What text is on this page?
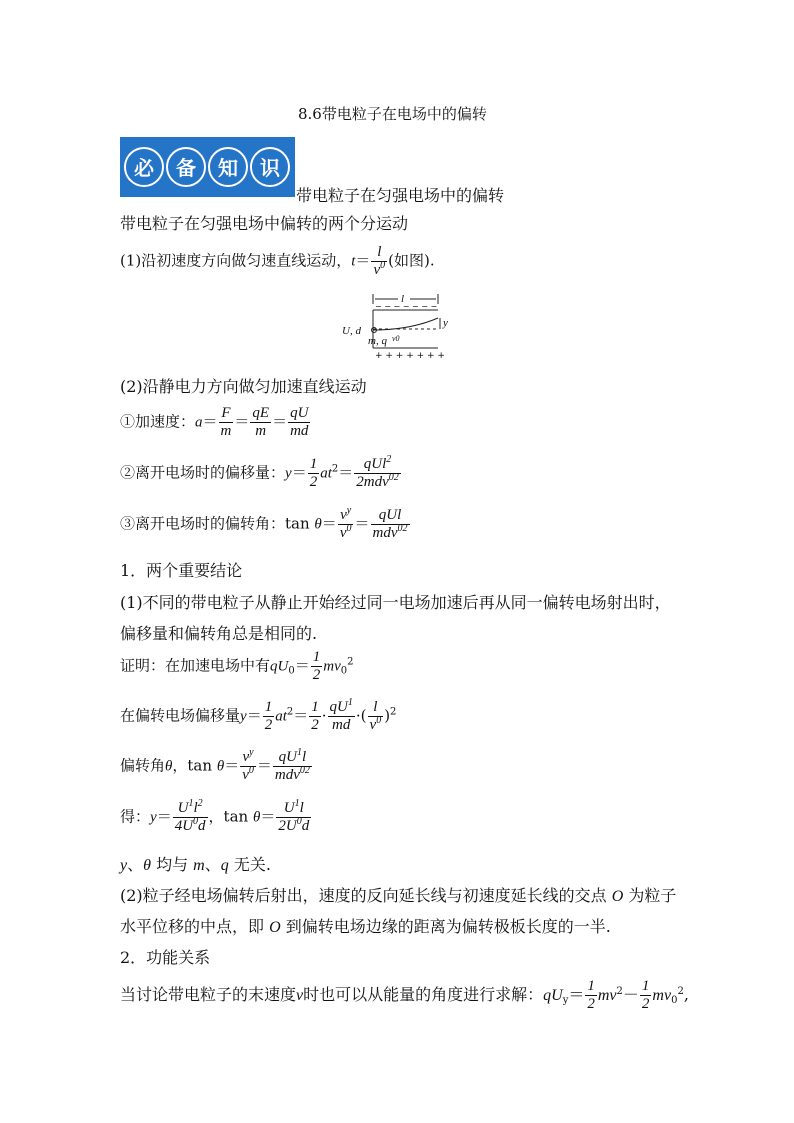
8.6带电粒子在电场中的偏转
必 备 知 识
带电粒子在匀强电场中的偏转
带电粒子在匀强电场中偏转的两个分运动
(1)沿初速度方向做匀速直线运动，$t= \frac{l}{v^0}$ (如图).
l
U, d
m, q v0
y
− − − − − − −
+ + + + + + +
(2)沿静电力方向做匀加速直线运动
①加速度：$a= \frac{F}{m} = \frac{qE}{m} = \frac{qU}{md}$
②离开电场时的偏移量：$y= \frac{1}{2} at^2= \frac{qUl^2}{2mdv^{02}}$
③离开电场时的偏转角：$\tan \theta= \frac{v^y}{v^0} = \frac{\text{qUl}}{mdv^{02}}$
1．两个重要结论
(1)不同的带电粒子从静止开始经过同一电场加速后再从同一偏转电场射出时，
偏移量和偏转角总是相同的.
证明：在加速电场中有$qU_0= \frac{1}{2} mv_0^2$
在偏转电场偏移量$y= \frac{1}{2} at^2= \frac{1}{2} \cdot \frac{qU^1}{md}$ ·( $\frac{l}{v^0} )^2$
偏转角θ，$\tan \theta= \frac{v^y}{v^0} = \frac{qU^1l}{mdv^{02}}$
得：$y= \frac{U^1l^2}{4U^0d}$ ，$\tan \theta= \frac{U^1l}{2U^0d}$
y、θ 均与 m、q 无关.
(2)粒子经电场偏转后射出，速度的反向延长线与初速度延长线的交点 O 为粒子
水平位移的中点，即 O 到偏转电场边缘的距离为偏转极板长度的一半.
2．功能关系
当讨论带电粒子的末速度v时也可以从能量的角度进行求解：$qU_y= \frac{1}{2} mv^2- \frac{1}{2} mv_0^2$,
